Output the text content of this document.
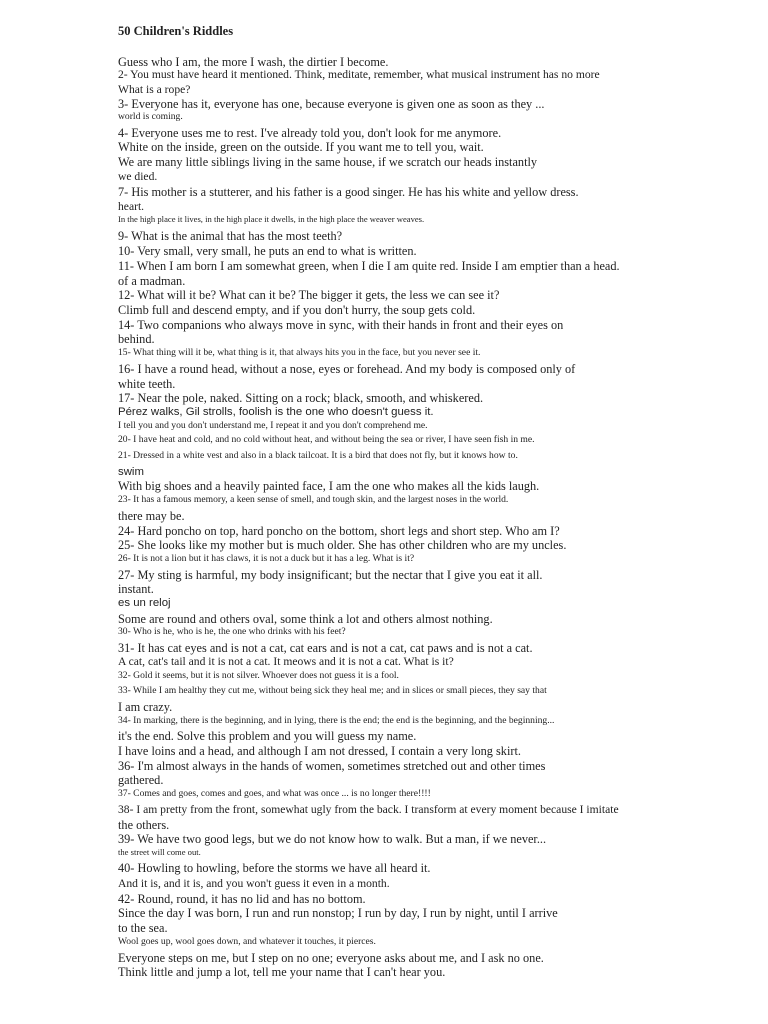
50 Children's Riddles
Guess who I am, the more I wash, the dirtier I become.
2- You must have heard it mentioned. Think, meditate, remember, what musical instrument has no more
What is a rope?
3- Everyone has it, everyone has one, because everyone is given one as soon as they ...
world is coming.
4- Everyone uses me to rest. I've already told you, don't look for me anymore.
White on the inside, green on the outside. If you want me to tell you, wait.
We are many little siblings living in the same house, if we scratch our heads instantly
we died.
7- His mother is a stutterer, and his father is a good singer. He has his white and yellow dress.
heart.
In the high place it lives, in the high place it dwells, in the high place the weaver weaves.
9- What is the animal that has the most teeth?
10- Very small, very small, he puts an end to what is written.
11- When I am born I am somewhat green, when I die I am quite red. Inside I am emptier than a head.
of a madman.
12- What will it be? What can it be? The bigger it gets, the less we can see it?
Climb full and descend empty, and if you don't hurry, the soup gets cold.
14- Two companions who always move in sync, with their hands in front and their eyes on
behind.
15- What thing will it be, what thing is it, that always hits you in the face, but you never see it.
16- I have a round head, without a nose, eyes or forehead. And my body is composed only of
white teeth.
17- Near the pole, naked. Sitting on a rock; black, smooth, and whiskered.
Pérez walks, Gil strolls, foolish is the one who doesn't guess it.
I tell you and you don't understand me, I repeat it and you don't comprehend me.
20- I have heat and cold, and no cold without heat, and without being the sea or river, I have seen fish in me.
21- Dressed in a white vest and also in a black tailcoat. It is a bird that does not fly, but it knows how to.
swim
With big shoes and a heavily painted face, I am the one who makes all the kids laugh.
23- It has a famous memory, a keen sense of smell, and tough skin, and the largest noses in the world.
there may be.
24- Hard poncho on top, hard poncho on the bottom, short legs and short step. Who am I?
25- She looks like my mother but is much older. She has other children who are my uncles.
26- It is not a lion but it has claws, it is not a duck but it has a leg. What is it?
27- My sting is harmful, my body insignificant; but the nectar that I give you eat it all.
instant.
es un reloj
Some are round and others oval, some think a lot and others almost nothing.
30- Who is he, who is he, the one who drinks with his feet?
31- It has cat eyes and is not a cat, cat ears and is not a cat, cat paws and is not a cat.
A cat, cat's tail and it is not a cat. It meows and it is not a cat. What is it?
32- Gold it seems, but it is not silver. Whoever does not guess it is a fool.
33- While I am healthy they cut me, without being sick they heal me; and in slices or small pieces, they say that
I am crazy.
34- In marking, there is the beginning, and in lying, there is the end; the end is the beginning, and the beginning...
it's the end. Solve this problem and you will guess my name.
I have loins and a head, and although I am not dressed, I contain a very long skirt.
36- I'm almost always in the hands of women, sometimes stretched out and other times
gathered.
37- Comes and goes, comes and goes, and what was once ... is no longer there!!!!
38- I am pretty from the front, somewhat ugly from the back. I transform at every moment because I imitate
the others.
39- We have two good legs, but we do not know how to walk. But a man, if we never...
the street will come out.
40- Howling to howling, before the storms we have all heard it.
And it is, and it is, and you won't guess it even in a month.
42- Round, round, it has no lid and has no bottom.
Since the day I was born, I run and run nonstop; I run by day, I run by night, until I arrive
to the sea.
Wool goes up, wool goes down, and whatever it touches, it pierces.
Everyone steps on me, but I step on no one; everyone asks about me, and I ask no one.
Think little and jump a lot, tell me your name that I can't hear you.
